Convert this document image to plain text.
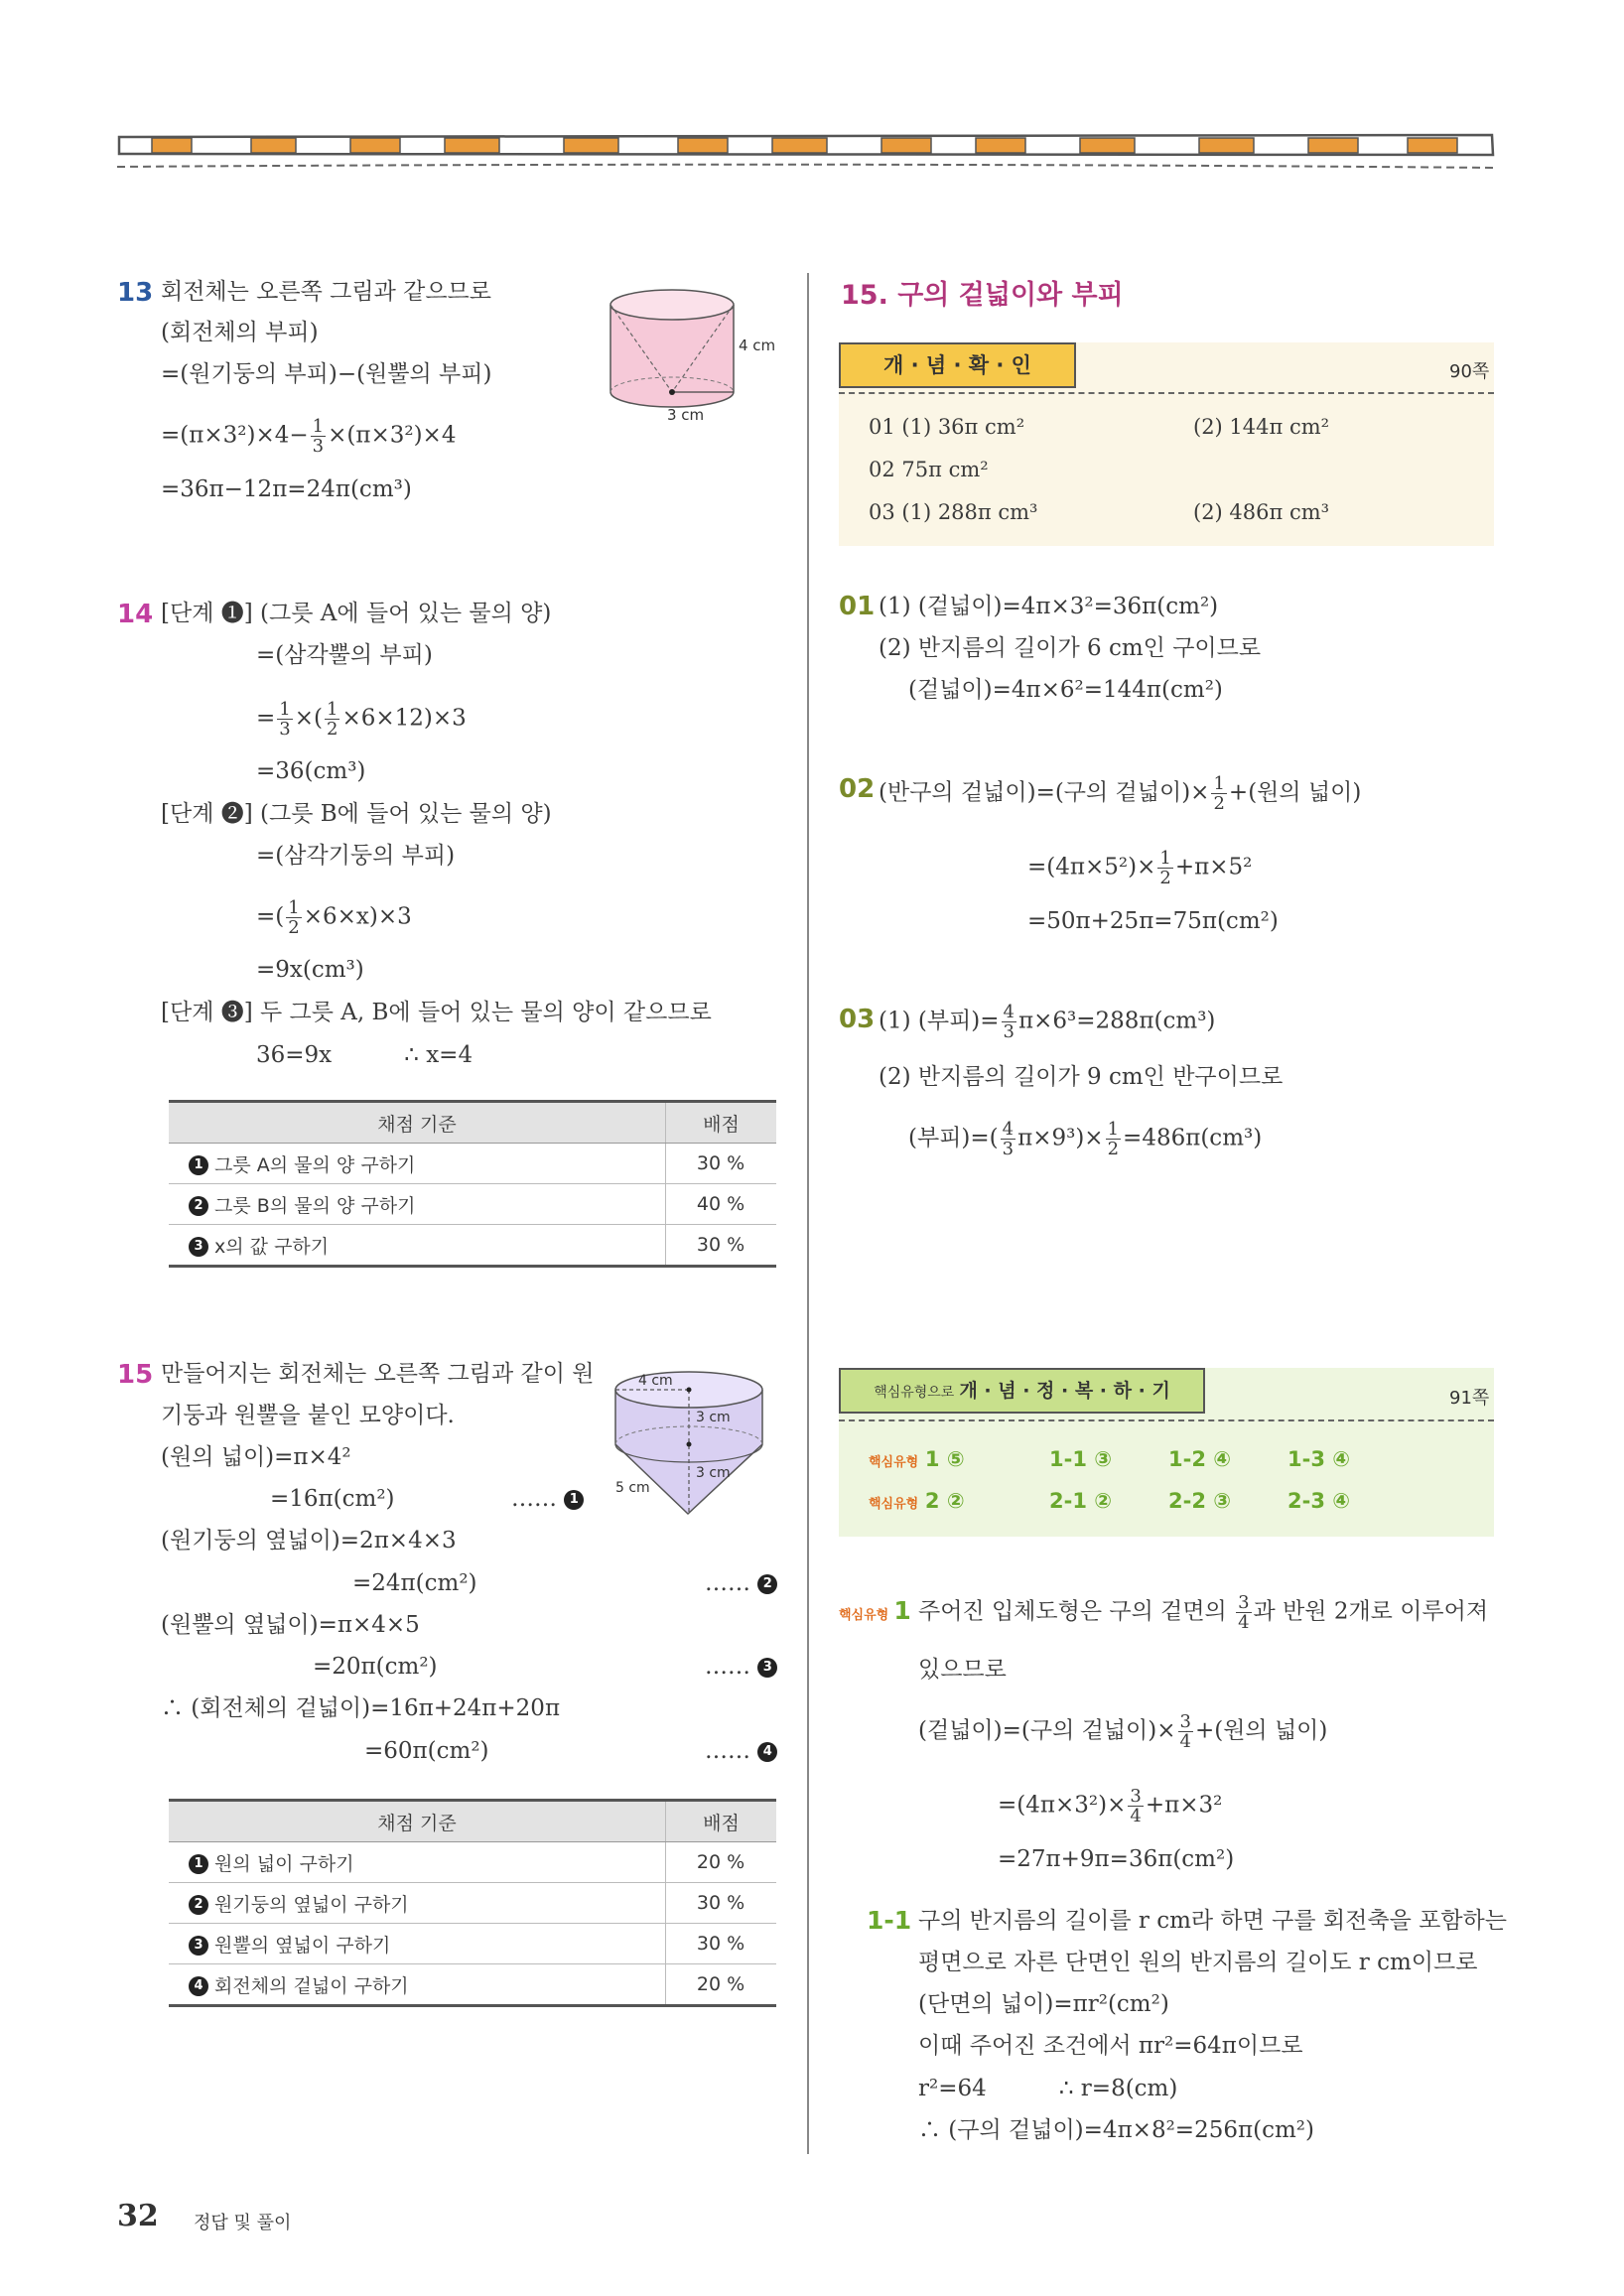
13 회전체는 오른쪽 그림과 같으므로
(회전체의 부피)
=(원기둥의 부피)−(원뿔의 부피)
$=(\pi\times 3^2)\times 4- \frac{1}{3} \times(\pi\times 3^2)\times 4$
=36π−12π=24π(cm³)
4 cm
3 cm
14 [단계 ❶] (그릇 A에 들어 있는 물의 양)
=(삼각뿔의 부피)
= $\frac{1}{3}$ ×( $\frac{1}{2} \times 6\times 12)\times 3$
=36(cm³)
[단계 ❷] (그릇 B에 들어 있는 물의 양)
=(삼각기둥의 부피)
=( $\frac{1}{2} \times 6\times x)\times 3$
=9x(cm³)
[단계 ❸] 두 그릇 A, B에 들어 있는 물의 양이 같으므로
36=9x          ∴ x=4
채점 기준	배점
1 그릇 A의 물의 양 구하기	30 %
2 그릇 B의 물의 양 구하기	40 %
3 x의 값 구하기	30 %
15 만들어지는 회전체는 오른쪽 그림과 같이 원
기둥과 원뿔을 붙인 모양이다.
(원의 넓이)=π×4²
=16π(cm²)	…… 1
(원기둥의 옆넓이)=2π×4×3
=24π(cm²)	…… 2
(원뿔의 옆넓이)=π×4×5
=20π(cm²)	…… 3
∴ (회전체의 겉넓이)=16π+24π+20π
=60π(cm²)	…… 4
4 cm
3 cm
3 cm
5 cm
채점 기준	배점
1 원의 넓이 구하기	20 %
2 원기둥의 옆넓이 구하기	30 %
3 원뿔의 옆넓이 구하기	30 %
4 회전체의 겉넓이 구하기	20 %
15. 구의 겉넓이와 부피
개 · 념 · 확 · 인	90쪽
01 (1) 36π cm²	(2) 144π cm²
02 75π cm²
03 (1) 288π cm³	(2) 486π cm³
01 (1) (겉넓이)=4π×3²=36π(cm²)
(2) 반지름의 길이가 6 cm인 구이므로
(겉넓이)=4π×6²=144π(cm²)
02 (반구의 겉넓이)=(구의 겉넓이)× $\frac{1}{2}$ +(원의 넓이)
$=(4\pi\times 5^2)\times \frac{1}{2} +\pi\times 5^2$
=50π+25π=75π(cm²)
03 (1) (부피)= $\frac{4}{3} \pi\times 6^3=288\pi(cm^3)$
(2) 반지름의 길이가 9 cm인 반구이므로
(부피)=( $\frac{4}{3} \pi\times 9^3)\times \frac{1}{2} =486\pi(cm^3)$
핵심유형으로 개 · 념 · 정 · 복 · 하 · 기	91쪽
핵심유형 1 ⑤	1-1 ③	1-2 ④	1-3 ④
핵심유형 2 ②	2-1 ②	2-2 ③	2-3 ④
핵심유형 1 주어진 입체도형은 구의 겉면의 $\frac{3}{4}$ 과 반원 2개로 이루어져
있으므로
(겉넓이)=(구의 겉넓이)× $\frac{3}{4}$ +(원의 넓이)
$=(4\pi\times 3^2)\times \frac{3}{4} +\pi\times 3^2$
=27π+9π=36π(cm²)
1-1 구의 반지름의 길이를 r cm라 하면 구를 회전축을 포함하는
평면으로 자른 단면인 원의 반지름의 길이도 r cm이므로
(단면의 넓이)=πr²(cm²)
이때 주어진 조건에서 πr²=64π이므로
r²=64          ∴ r=8(cm)
∴ (구의 겉넓이)=4π×8²=256π(cm²)
32 정답 및 풀이
